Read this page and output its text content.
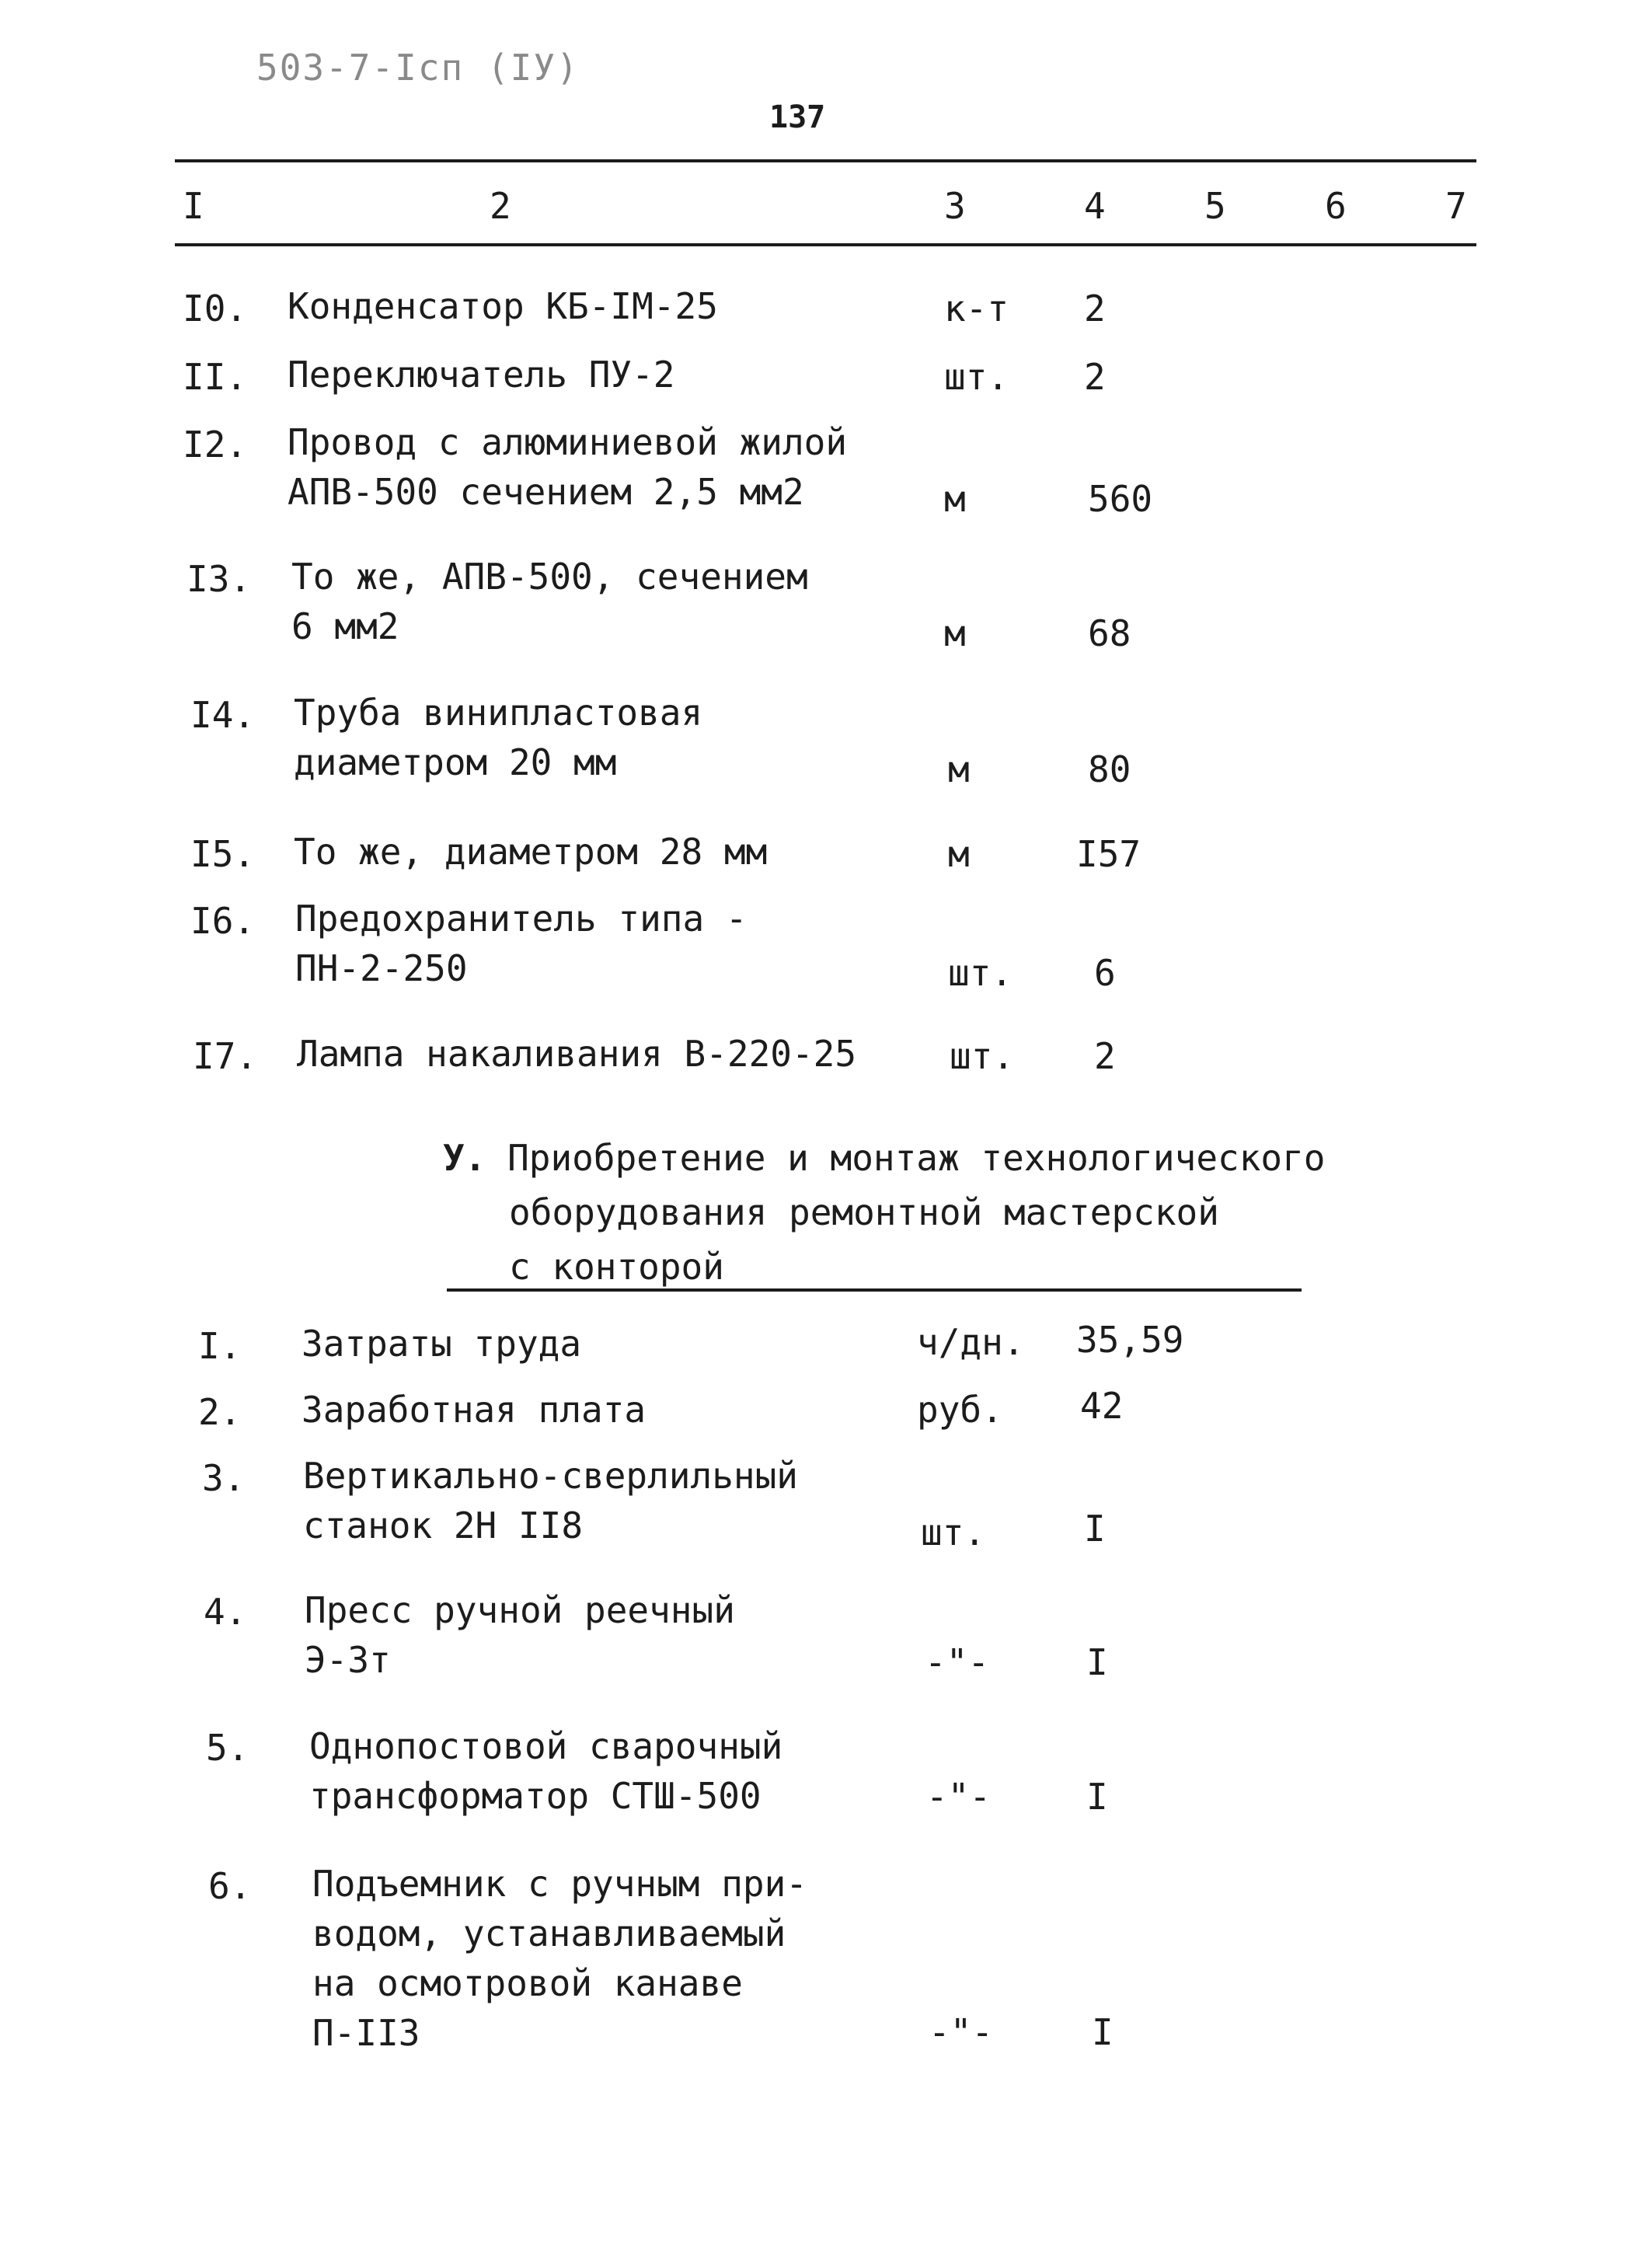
503-7-Icп (IУ)
137
I	2	3	4	5	6	7
I0. Конденсатор КБ-IМ-25	к-т 2
II. Переключатель ПУ-2	шт. 2
I2. Провод с алюминиевой жилой
АПВ-500 сечением 2,5 мм2	м	560
I3. То же, АПВ-500, сечением
6 мм2	м	68
I4. Труба винипластовая
диаметром 20 мм	м	80
I5. То же, диаметром 28 мм	м	I57
I6. Предохранитель типа -
ПН-2-250	шт. 6
I7. Лампа накаливания В-220-25	шт. 2
У. Приобретение и монтаж технологического
оборудования ремонтной мастерской
с конторой
I. Затраты труда	ч/дн. 35,59
2. Заработная плата	руб. 42
3. Вертикально-сверлильный
станок 2Н II8	шт.	I
4. Пресс ручной реечный
Э-3т	-"-	I
5. Однопостовой сварочный
трансформатор СТШ-500	-"-	I
6. Подъемник с ручным при-
водом, устанавливаемый
на осмотровой канаве
П-II3	-"-	I
